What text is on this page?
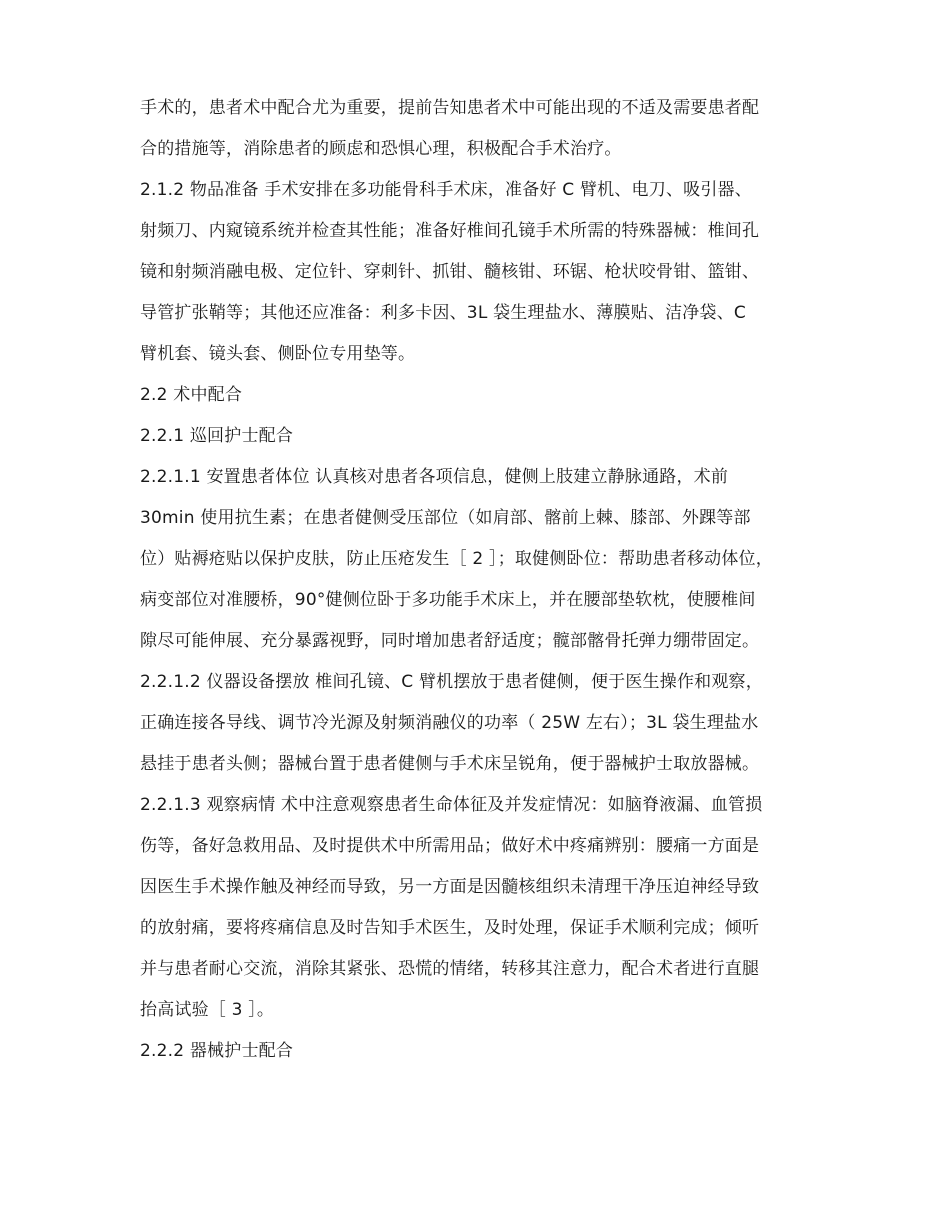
手术的，患者术中配合尤为重要，提前告知患者术中可能出现的不适及需要患者配
合的措施等，消除患者的顾虑和恐惧心理，积极配合手术治疗。
2.1.2 物品准备 手术安排在多功能骨科手术床，准备好 C 臂机、电刀、吸引器、
射频刀、内窥镜系统并检查其性能；准备好椎间孔镜手术所需的特殊器械：椎间孔
镜和射频消融电极、定位针、穿刺针、抓钳、髓核钳、环锯、枪状咬骨钳、篮钳、
导管扩张鞘等；其他还应准备：利多卡因、3L 袋生理盐水、薄膜贴、洁净袋、C
臂机套、镜头套、侧卧位专用垫等。
2.2 术中配合
2.2.1 巡回护士配合
2.2.1.1 安置患者体位 认真核对患者各项信息，健侧上肢建立静脉通路，术前
30min 使用抗生素；在患者健侧受压部位（如肩部、髂前上棘、膝部、外踝等部
位）贴褥疮贴以保护皮肤，防止压疮发生［ 2 ］；取健侧卧位：帮助患者移动体位，
病变部位对准腰桥，90°健侧位卧于多功能手术床上，并在腰部垫软枕，使腰椎间
隙尽可能伸展、充分暴露视野，同时增加患者舒适度；髋部髂骨托弹力绷带固定。
2.2.1.2 仪器设备摆放 椎间孔镜、C 臂机摆放于患者健侧，便于医生操作和观察，
正确连接各导线、调节冷光源及射频消融仪的功率（ 25W 左右）；3L 袋生理盐水
悬挂于患者头侧；器械台置于患者健侧与手术床呈锐角，便于器械护士取放器械。
2.2.1.3 观察病情 术中注意观察患者生命体征及并发症情况：如脑脊液漏、血管损
伤等，备好急救用品、及时提供术中所需用品；做好术中疼痛辨别：腰痛一方面是
因医生手术操作触及神经而导致，另一方面是因髓核组织未清理干净压迫神经导致
的放射痛，要将疼痛信息及时告知手术医生，及时处理，保证手术顺利完成；倾听
并与患者耐心交流，消除其紧张、恐慌的情绪，转移其注意力，配合术者进行直腿
抬高试验［ 3 ］。
2.2.2 器械护士配合
